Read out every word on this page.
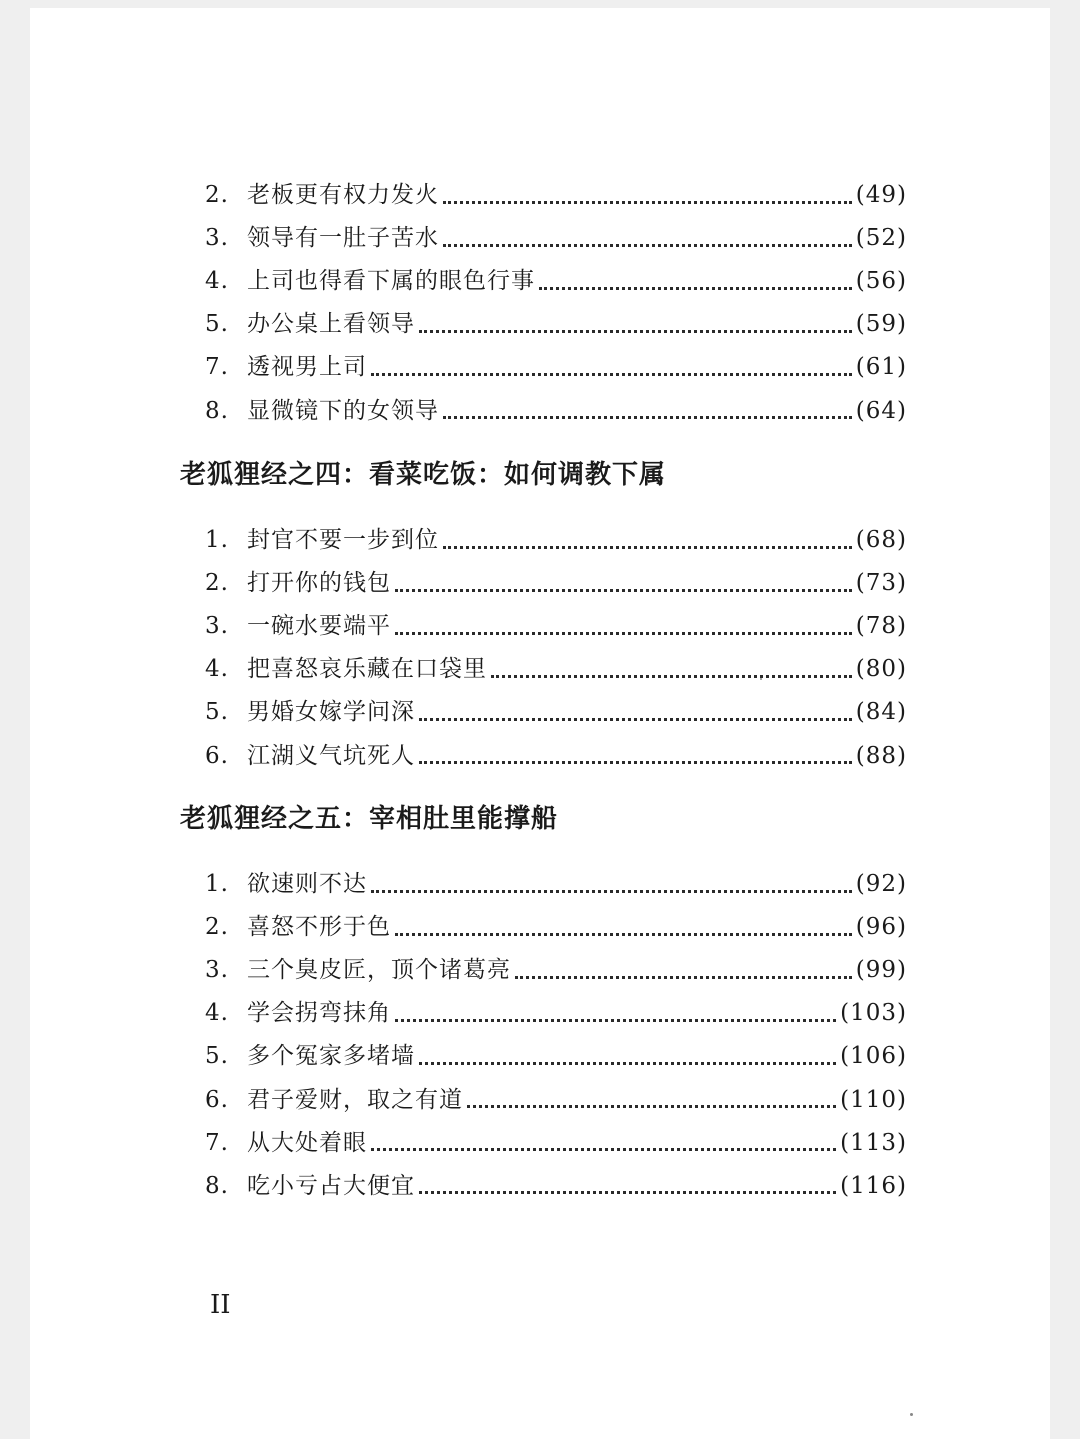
2. 老板更有权力发火	(49)
3. 领导有一肚子苦水	(52)
4. 上司也得看下属的眼色行事	(56)
5. 办公桌上看领导	(59)
7. 透视男上司	(61)
8. 显微镜下的女领导	(64)
老狐狸经之四：看菜吃饭：如何调教下属
1. 封官不要一步到位	(68)
2. 打开你的钱包	(73)
3. 一碗水要端平	(78)
4. 把喜怒哀乐藏在口袋里	(80)
5. 男婚女嫁学问深	(84)
6. 江湖义气坑死人	(88)
老狐狸经之五：宰相肚里能撑船
1. 欲速则不达	(92)
2. 喜怒不形于色	(96)
3. 三个臭皮匠，顶个诸葛亮	(99)
4. 学会拐弯抹角	(103)
5. 多个冤家多堵墙	(106)
6. 君子爱财，取之有道	(110)
7. 从大处着眼	(113)
8. 吃小亏占大便宜	(116)
II
